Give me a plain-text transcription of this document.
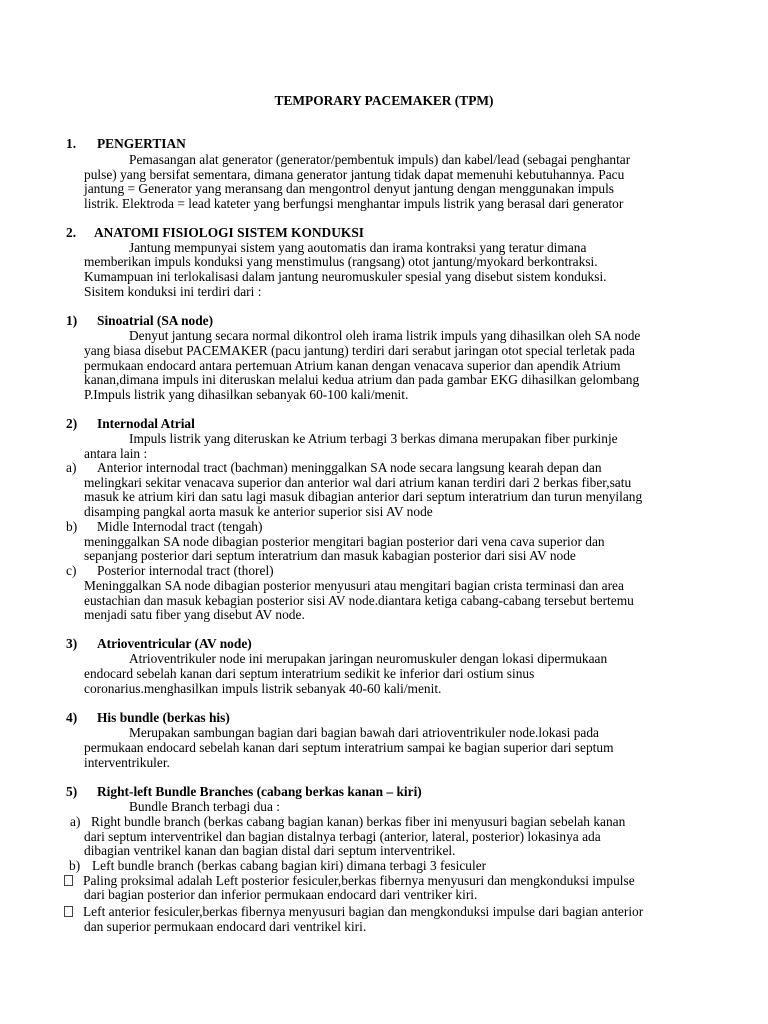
TEMPORARY PACEMAKER (TPM)
1. PENGERTIAN
Pemasangan alat generator (generator/pembentuk impuls) dan kabel/lead (sebagai penghantar
pulse) yang bersifat sementara, dimana generator jantung tidak dapat memenuhi kebutuhannya. Pacu
jantung = Generator yang meransang dan mengontrol denyut jantung dengan menggunakan impuls
listrik. Elektroda = lead kateter yang berfungsi menghantar impuls listrik yang berasal dari generator
2. ANATOMI FISIOLOGI SISTEM KONDUKSI
Jantung mempunyai sistem yang aoutomatis dan irama kontraksi yang teratur dimana
memberikan impuls konduksi yang menstimulus (rangsang) otot jantung/myokard berkontraksi.
Kumampuan ini terlokalisasi dalam jantung neuromuskuler spesial yang disebut sistem konduksi.
Sisitem konduksi ini terdiri dari :
1) Sinoatrial (SA node)
Denyut jantung secara normal dikontrol oleh irama listrik impuls yang dihasilkan oleh SA node
yang biasa disebut PACEMAKER (pacu jantung) terdiri dari serabut jaringan otot special terletak pada
permukaan endocard antara pertemuan Atrium kanan dengan venacava superior dan apendik Atrium
kanan,dimana impuls ini diteruskan melalui kedua atrium dan pada gambar EKG dihasilkan gelombang
P.Impuls listrik yang dihasilkan sebanyak 60-100 kali/menit.
2) Internodal Atrial
Impuls listrik yang diteruskan ke Atrium terbagi 3 berkas dimana merupakan fiber purkinje
antara lain :
a) Anterior internodal tract (bachman) meninggalkan SA node secara langsung kearah depan dan
melingkari sekitar venacava superior dan anterior wal dari atrium kanan terdiri dari 2 berkas fiber,satu
masuk ke atrium kiri dan satu lagi masuk dibagian anterior dari septum interatrium dan turun menyilang
disamping pangkal aorta masuk ke anterior superior sisi AV node
b) Midle Internodal tract (tengah)
meninggalkan SA node dibagian posterior mengitari bagian posterior dari vena cava superior dan
sepanjang posterior dari septum interatrium dan masuk kabagian posterior dari sisi AV node
c) Posterior internodal tract (thorel)
Meninggalkan SA node dibagian posterior menyusuri atau mengitari bagian crista terminasi dan area
eustachian dan masuk kebagian posterior sisi AV node.diantara ketiga cabang-cabang tersebut bertemu
menjadi satu fiber yang disebut AV node.
3) Atrioventricular (AV node)
Atrioventrikuler node ini merupakan jaringan neuromuskuler dengan lokasi dipermukaan
endocard sebelah kanan dari septum interatrium sedikit ke inferior dari ostium sinus
coronarius.menghasilkan impuls listrik sebanyak 40-60 kali/menit.
4) His bundle (berkas his)
Merupakan sambungan bagian dari bagian bawah dari atrioventrikuler node.lokasi pada
permukaan endocard sebelah kanan dari septum interatrium sampai ke bagian superior dari septum
interventrikuler.
5) Right-left Bundle Branches (cabang berkas kanan – kiri)
Bundle Branch terbagi dua :
a) Right bundle branch (berkas cabang bagian kanan) berkas fiber ini menyusuri bagian sebelah kanan
dari septum interventrikel dan bagian distalnya terbagi (anterior, lateral, posterior) lokasinya ada
dibagian ventrikel kanan dan bagian distal dari septum interventrikel.
b) Left bundle branch (berkas cabang bagian kiri) dimana terbagi 3 fesiculer
Paling proksimal adalah Left posterior fesiculer,berkas fibernya menyusuri dan mengkonduksi impulse
dari bagian posterior dan inferior permukaan endocard dari ventriker kiri.
Left anterior fesiculer,berkas fibernya menyusuri bagian dan mengkonduksi impulse dari bagian anterior
dan superior permukaan endocard dari ventrikel kiri.
